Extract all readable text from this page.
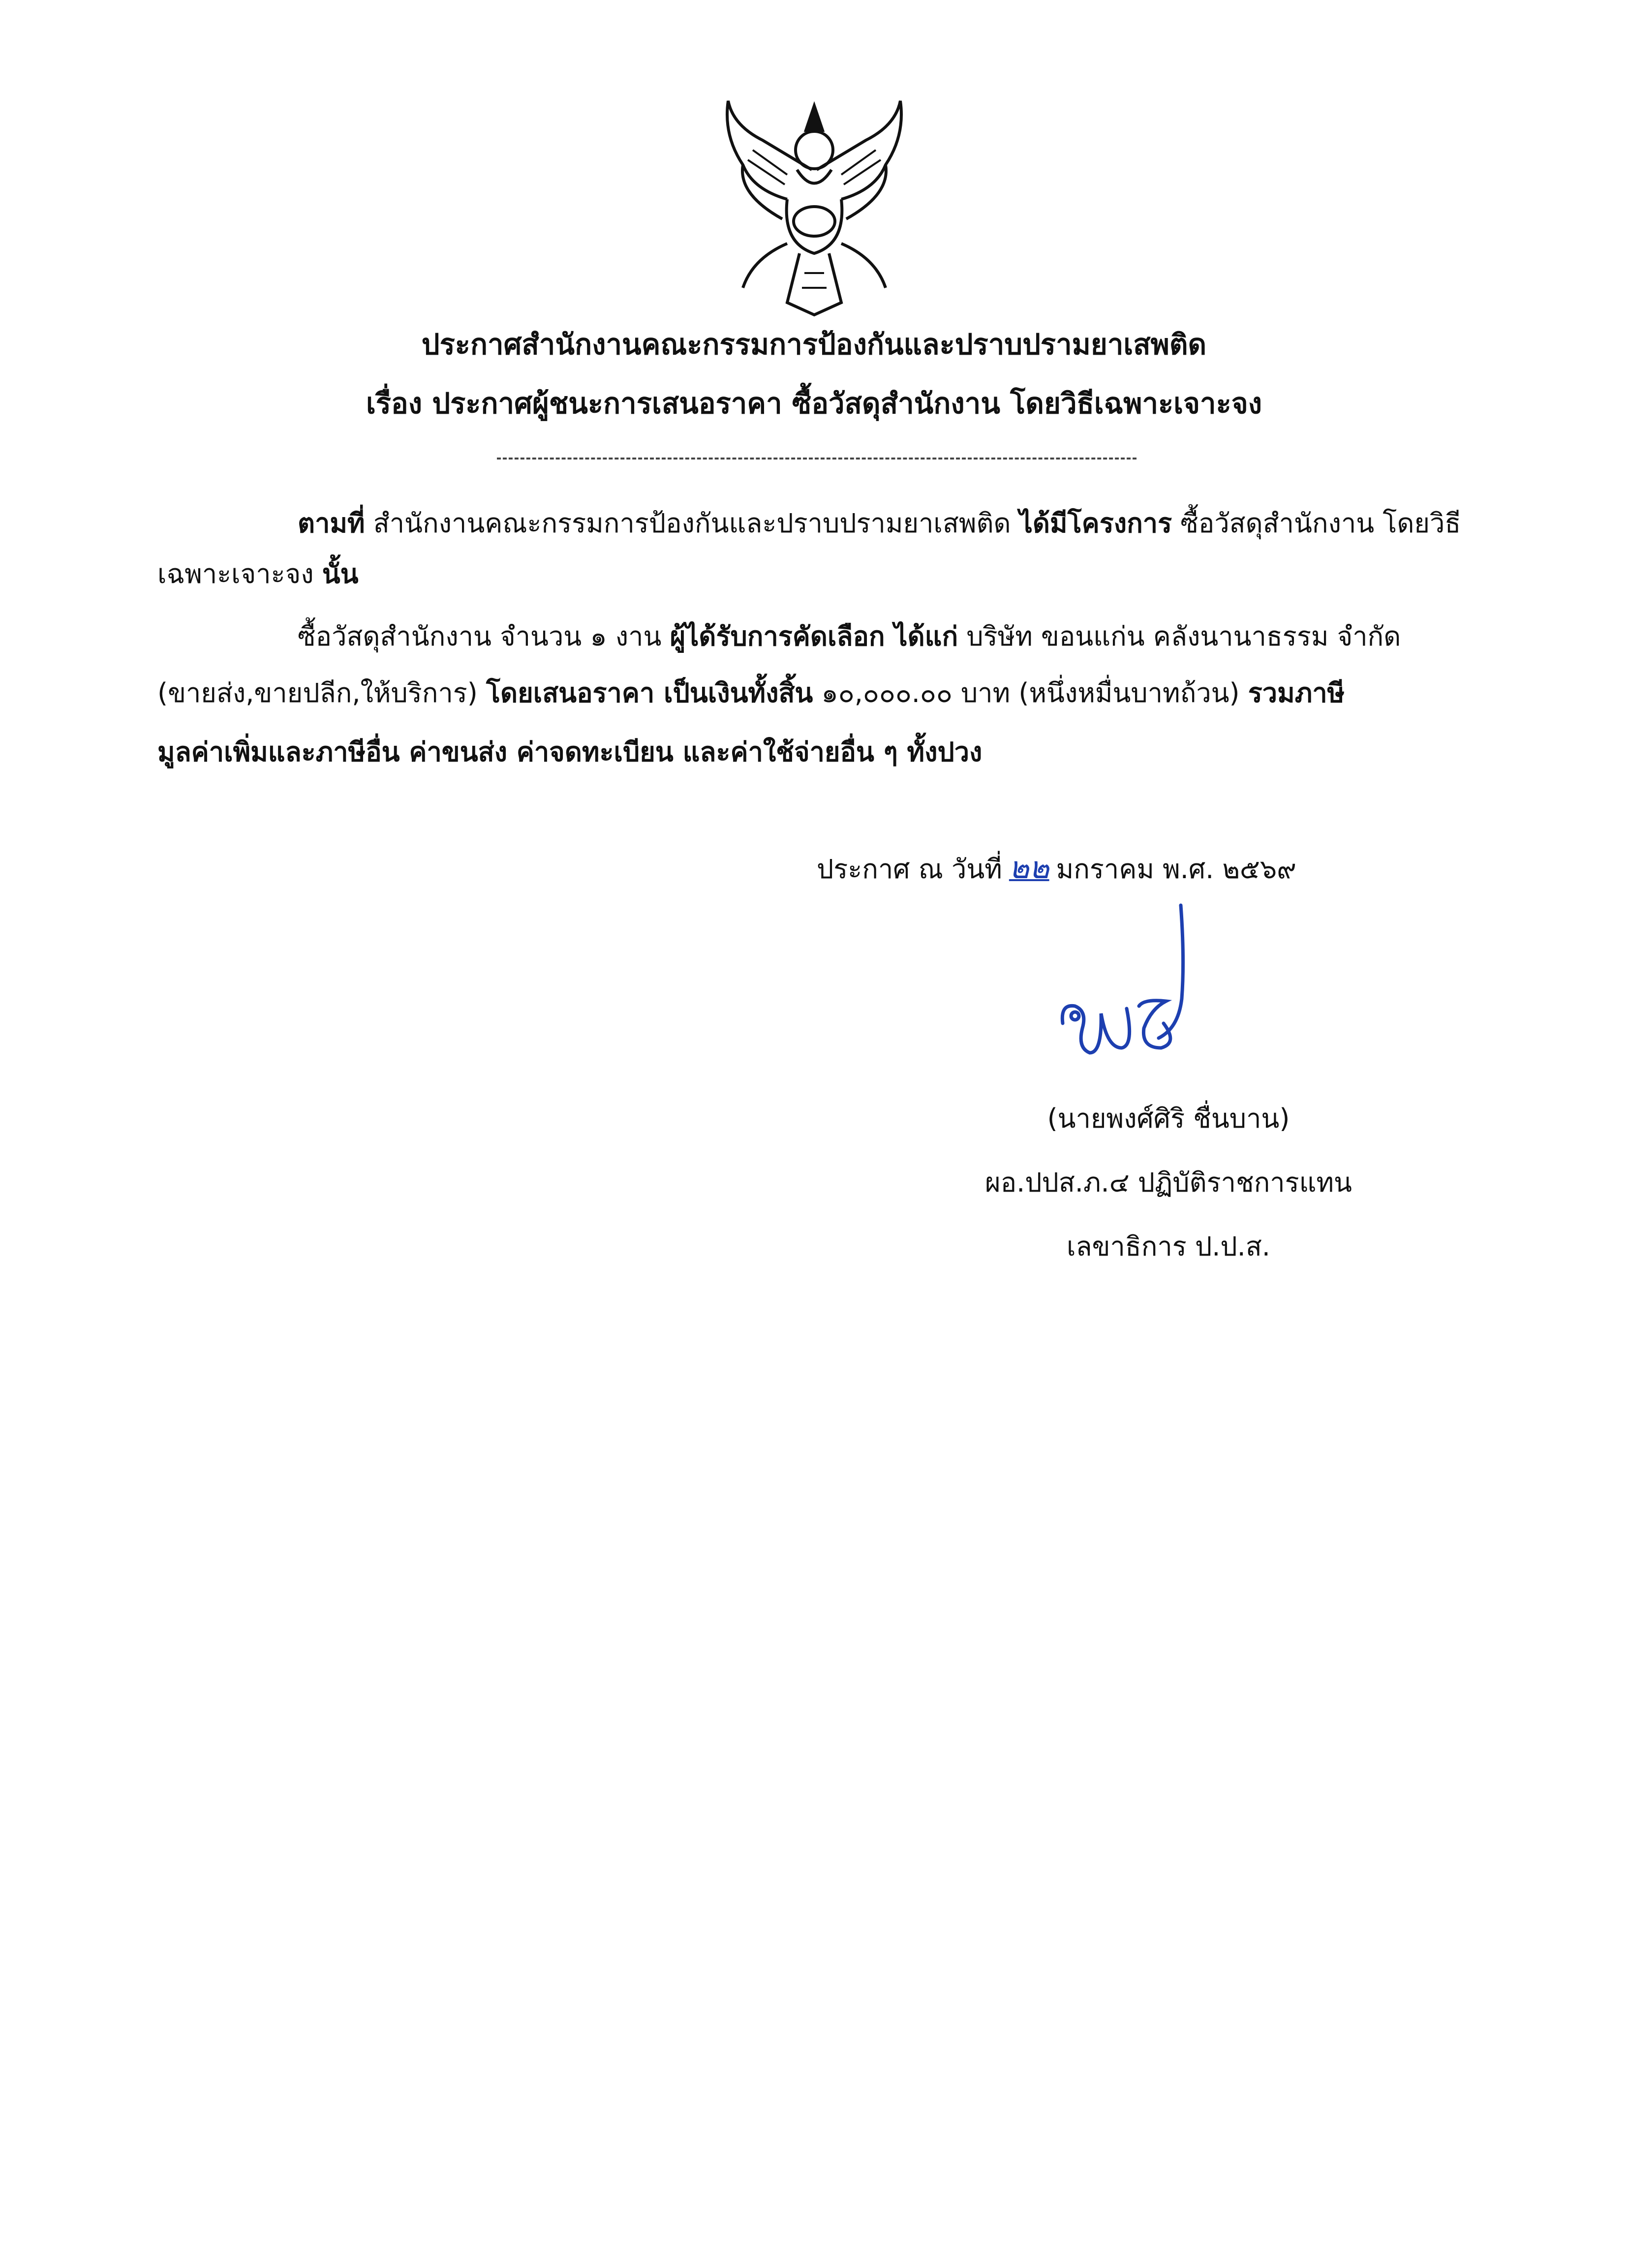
ประกาศสำนักงานคณะกรรมการป้องกันและปราบปรามยาเสพติด
เรื่อง ประกาศผู้ชนะการเสนอราคา ซื้อวัสดุสำนักงาน โดยวิธีเฉพาะเจาะจง
ตามที่ สำนักงานคณะกรรมการป้องกันและปราบปรามยาเสพติด ได้มีโครงการ ซื้อวัสดุสำนักงาน โดยวิธี
เฉพาะเจาะจง นั้น
ซื้อวัสดุสำนักงาน จำนวน ๑ งาน ผู้ได้รับการคัดเลือก ได้แก่ บริษัท ขอนแก่น คลังนานาธรรม จำกัด
(ขายส่ง,ขายปลีก,ให้บริการ) โดยเสนอราคา เป็นเงินทั้งสิ้น ๑๐,๐๐๐.๐๐ บาท (หนึ่งหมื่นบาทถ้วน) รวมภาษี
มูลค่าเพิ่มและภาษีอื่น ค่าขนส่ง ค่าจดทะเบียน และค่าใช้จ่ายอื่น ๆ ทั้งปวง
ประกาศ ณ วันที่ ๒๒ มกราคม พ.ศ. ๒๕๖๙
(นายพงศ์ศิริ ชื่นบาน)
ผอ.ปปส.ภ.๔ ปฏิบัติราชการแทน
เลขาธิการ ป.ป.ส.
